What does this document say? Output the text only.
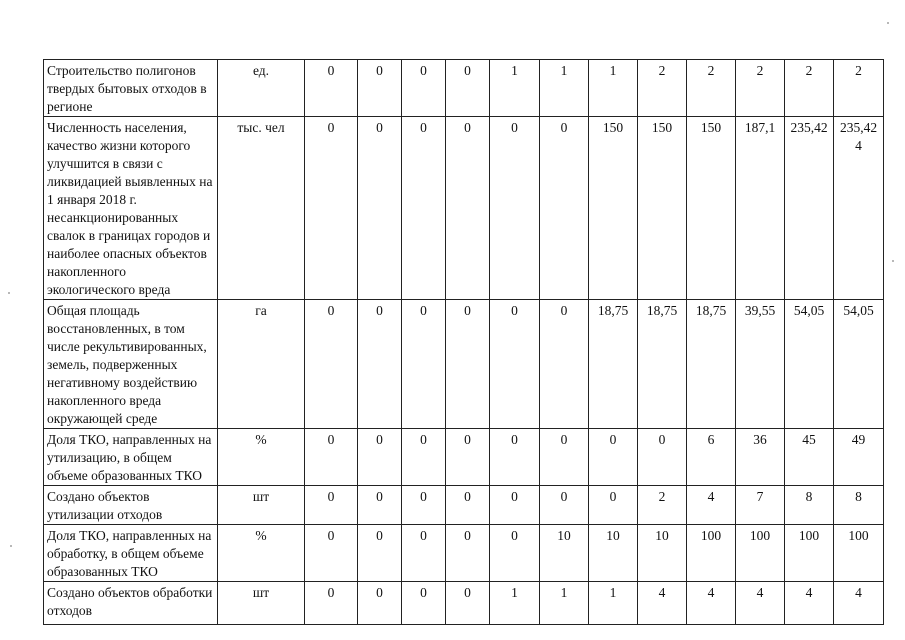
Строительство полигонов твердых бытовых отходов в регионе	ед.	0	0	0	0	1	1	1	2	2	2	2	2
Численность населения, качество жизни которого улучшится в связи с ликвидацией выявленных на 1 января 2018 г. несанкционированных свалок в границах городов и наиболее опасных объектов накопленного экологического вреда	тыс. чел	0	0	0	0	0	0	150	150	150	187,1	235,42	235,424
Общая площадь восстановленных, в том числе рекультивированных, земель, подверженных негативному воздействию накопленного вреда окружающей среде	га	0	0	0	0	0	0	18,75	18,75	18,75	39,55	54,05	54,05
Доля ТКО, направленных на утилизацию, в общем объеме образованных ТКО	%	0	0	0	0	0	0	0	0	6	36	45	49
Создано объектов утилизации отходов	шт	0	0	0	0	0	0	0	2	4	7	8	8
Доля ТКО, направленных на обработку, в общем объеме образованных ТКО	%	0	0	0	0	0	10	10	10	100	100	100	100
Создано объектов обработки отходов	шт	0	0	0	0	1	1	1	4	4	4	4	4
